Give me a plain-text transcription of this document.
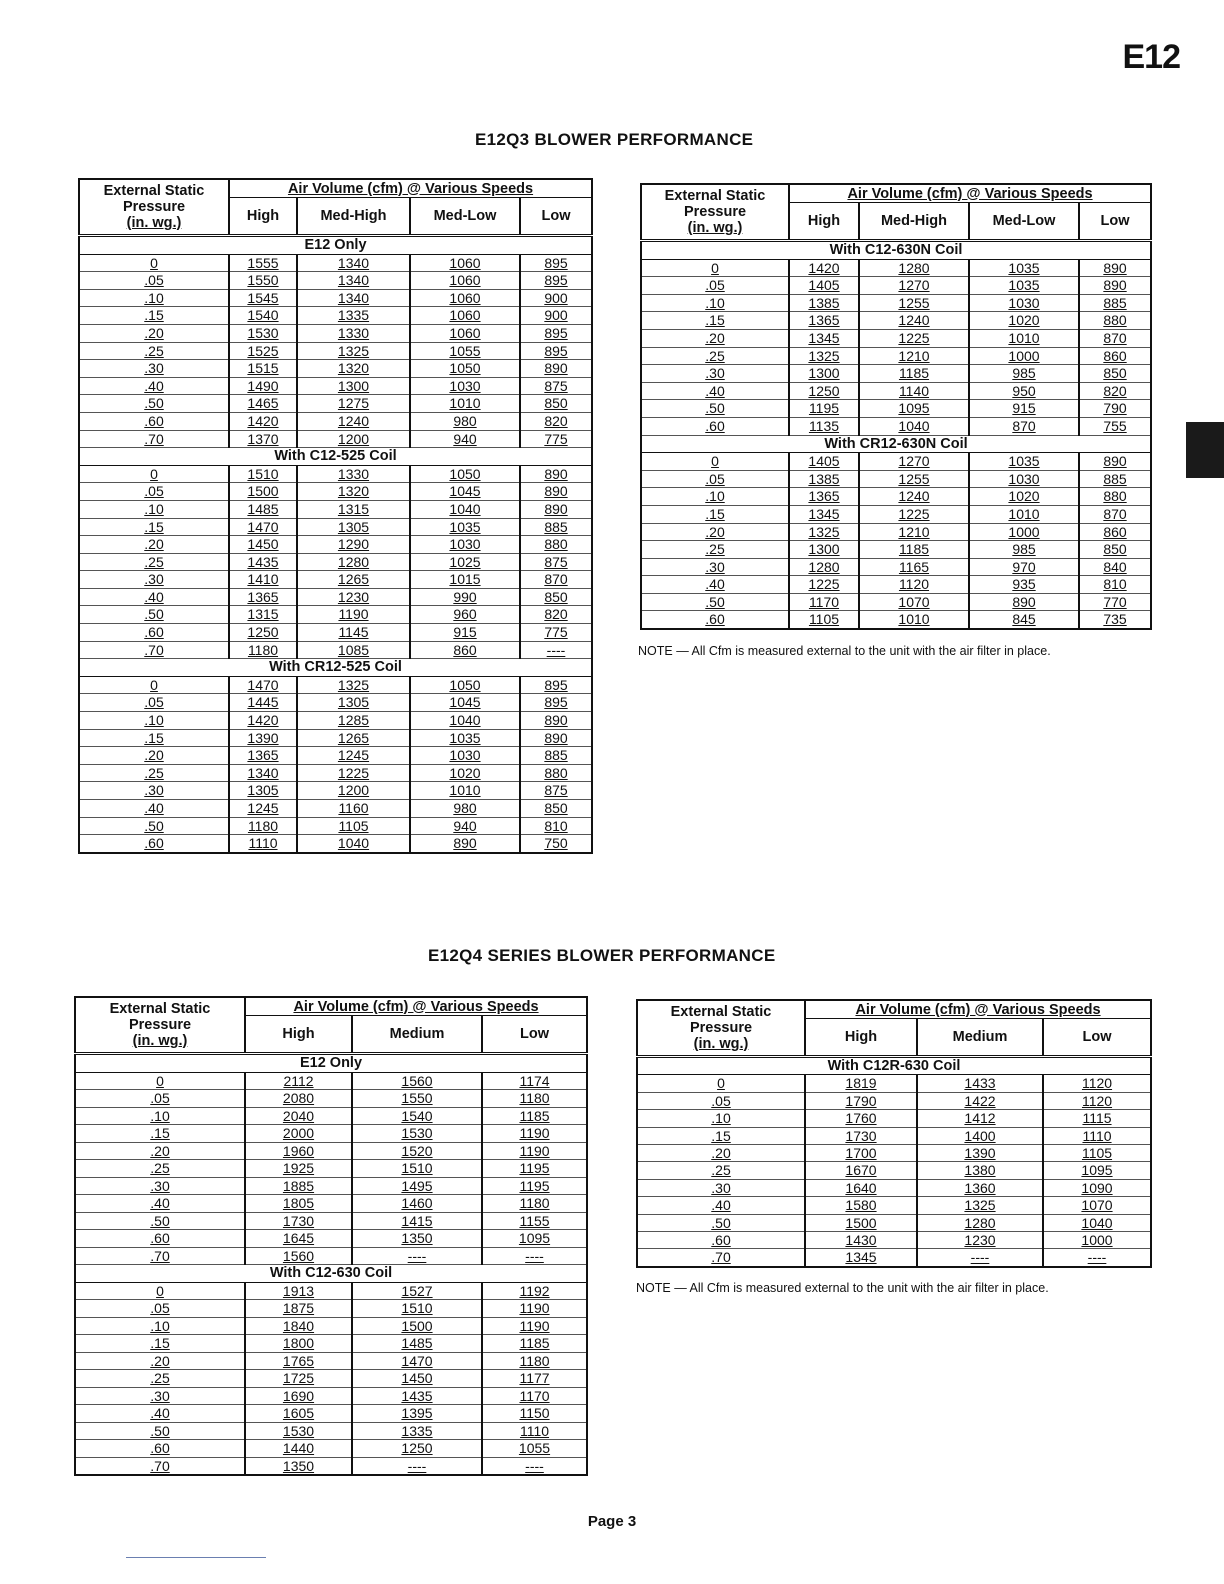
E12
E12Q3 BLOWER PERFORMANCE
External Static
Pressure
(in. wg.)	Air Volume (cfm) @ Various Speeds			
	High	Med-High	Med-Low	Low
E12 Only				
0	1555	1340	1060	895
.05	1550	1340	1060	895
.10	1545	1340	1060	900
.15	1540	1335	1060	900
.20	1530	1330	1060	895
.25	1525	1325	1055	895
.30	1515	1320	1050	890
.40	1490	1300	1030	875
.50	1465	1275	1010	850
.60	1420	1240	980	820
.70	1370	1200	940	775
With C12-525 Coil				
0	1510	1330	1050	890
.05	1500	1320	1045	890
.10	1485	1315	1040	890
.15	1470	1305	1035	885
.20	1450	1290	1030	880
.25	1435	1280	1025	875
.30	1410	1265	1015	870
.40	1365	1230	990	850
.50	1315	1190	960	820
.60	1250	1145	915	775
.70	1180	1085	860	----
With CR12-525 Coil				
0	1470	1325	1050	895
.05	1445	1305	1045	895
.10	1420	1285	1040	890
.15	1390	1265	1035	890
.20	1365	1245	1030	885
.25	1340	1225	1020	880
.30	1305	1200	1010	875
.40	1245	1160	980	850
.50	1180	1105	940	810
.60	1110	1040	890	750
External Static
Pressure
(in. wg.)	Air Volume (cfm) @ Various Speeds			
	High	Med-High	Med-Low	Low
With C12-630N Coil				
0	1420	1280	1035	890
.05	1405	1270	1035	890
.10	1385	1255	1030	885
.15	1365	1240	1020	880
.20	1345	1225	1010	870
.25	1325	1210	1000	860
.30	1300	1185	985	850
.40	1250	1140	950	820
.50	1195	1095	915	790
.60	1135	1040	870	755
With CR12-630N Coil				
0	1405	1270	1035	890
.05	1385	1255	1030	885
.10	1365	1240	1020	880
.15	1345	1225	1010	870
.20	1325	1210	1000	860
.25	1300	1185	985	850
.30	1280	1165	970	840
.40	1225	1120	935	810
.50	1170	1070	890	770
.60	1105	1010	845	735
NOTE — All Cfm is measured external to the unit with the air filter in place.
E12Q4 SERIES BLOWER PERFORMANCE
External Static
Pressure
(in. wg.)	Air Volume (cfm) @ Various Speeds		
	High	Medium	Low
E12 Only			
0	2112	1560	1174
.05	2080	1550	1180
.10	2040	1540	1185
.15	2000	1530	1190
.20	1960	1520	1190
.25	1925	1510	1195
.30	1885	1495	1195
.40	1805	1460	1180
.50	1730	1415	1155
.60	1645	1350	1095
.70	1560	----	----
With C12-630 Coil			
0	1913	1527	1192
.05	1875	1510	1190
.10	1840	1500	1190
.15	1800	1485	1185
.20	1765	1470	1180
.25	1725	1450	1177
.30	1690	1435	1170
.40	1605	1395	1150
.50	1530	1335	1110
.60	1440	1250	1055
.70	1350	----	----
External Static
Pressure
(in. wg.)	Air Volume (cfm) @ Various Speeds		
	High	Medium	Low
With C12R-630 Coil			
0	1819	1433	1120
.05	1790	1422	1120
.10	1760	1412	1115
.15	1730	1400	1110
.20	1700	1390	1105
.25	1670	1380	1095
.30	1640	1360	1090
.40	1580	1325	1070
.50	1500	1280	1040
.60	1430	1230	1000
.70	1345	----	----
NOTE — All Cfm is measured external to the unit with the air filter in place.
Page 3
